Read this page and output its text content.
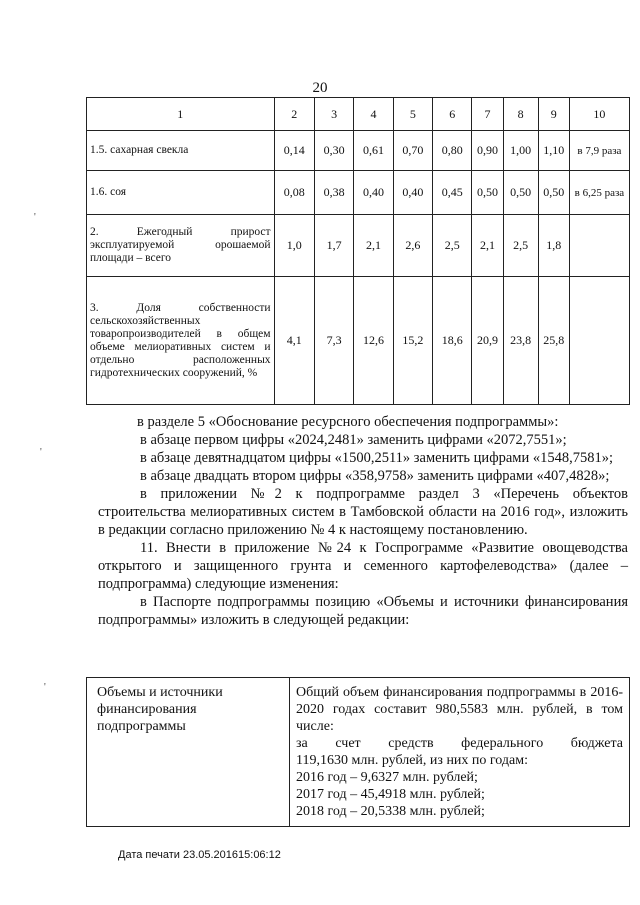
20
1	2	3	4	5	6	7	8	9	10
1.5. сахарная свекла	0,14	0,30	0,61	0,70	0,80	0,90	1,00	1,10	в 7,9 раза
1.6. соя	0,08	0,38	0,40	0,40	0,45	0,50	0,50	0,50	в 6,25 раза
2. Ежегодный прирост эксплуатируемой орошаемой площади – всего	1,0	1,7	2,1	2,6	2,5	2,1	2,5	1,8	
3. Доля собственности сельскохозяйственных товаропроизводителей в общем объеме мелиоративных систем и отдельно расположенных гидротехнических сооружений, %	4,1	7,3	12,6	15,2	18,6	20,9	23,8	25,8	

в разделе 5 «Обоснование ресурсного обеспечения подпрограммы»:

в абзаце первом цифры «2024,2481» заменить цифрами «2072,7551»;

в абзаце девятнадцатом цифры «1500,2511» заменить цифрами «1548,7581»;

в абзаце двадцать втором цифры «358,9758» заменить цифрами «407,4828»;

в приложении №2 к подпрограмме раздел 3 «Перечень объектов строительства мелиоративных систем в Тамбовской области на 2016 год», изложить в редакции согласно приложению № 4 к настоящему постановлению.

11. Внести в приложение №24 к Госпрограмме «Развитие овощеводства открытого и защищенного грунта и семенного картофелеводства» (далее – подпрограмма) следующие изменения:

в Паспорте подпрограммы позицию «Объемы и источники финансирования подпрограммы» изложить в следующей редакции:

Объемы и источники финансирования подпрограммы	
Общий объем финансирования подпрограммы в 2016-2020 годах составит 980,5583 млн. рублей, в том числе:
за счет средств федерального бюджета
119,1630 млн. рублей, из них по годам:
2016 год – 9,6327 млн. рублей;
2017 год – 45,4918 млн. рублей;
2018 год – 20,5338 млн. рублей;
Дата печати 23.05.201615:06:12
'
'
'
